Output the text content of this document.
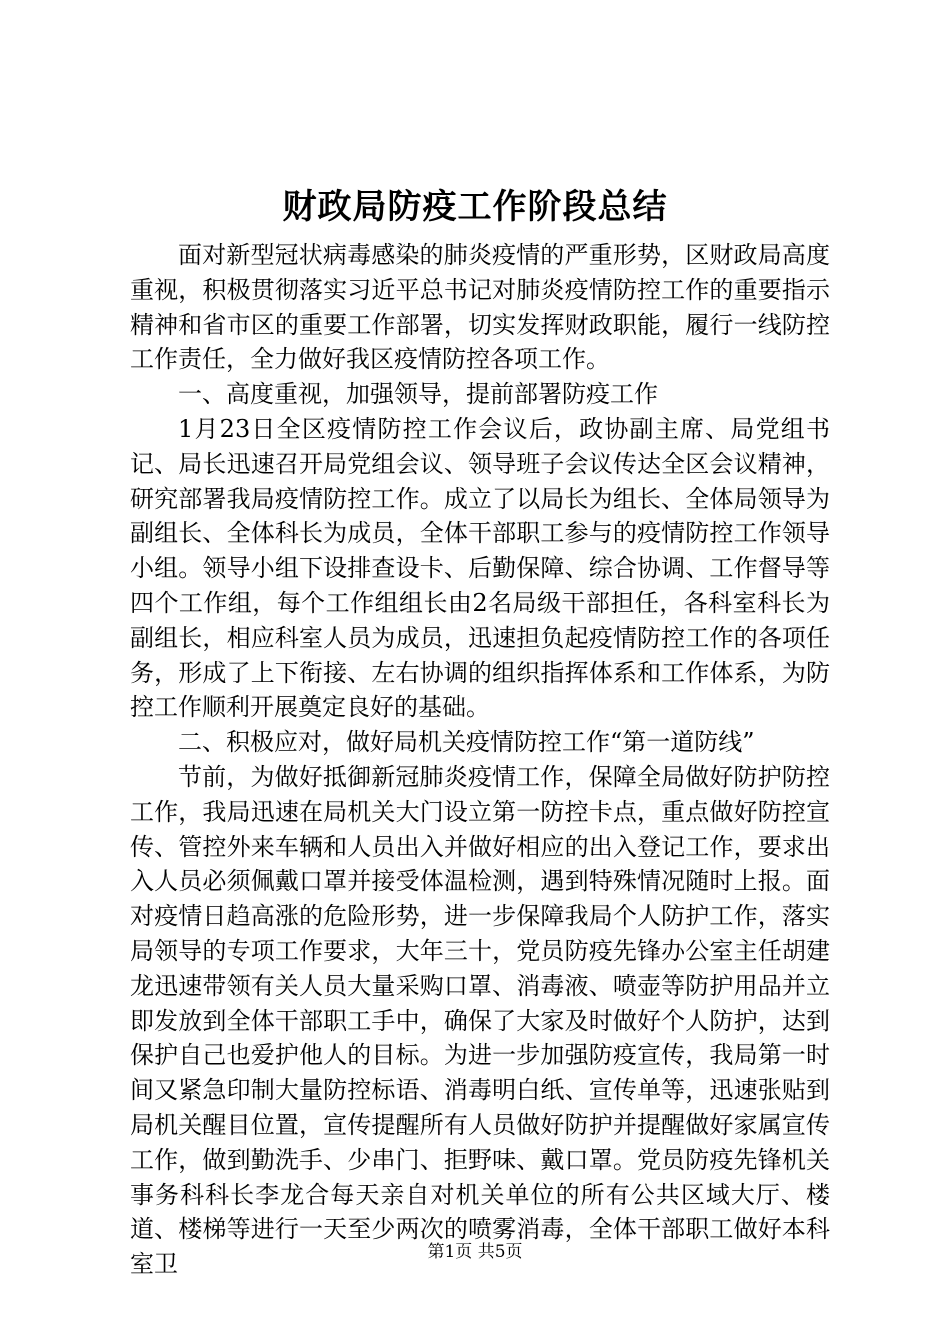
财政局防疫工作阶段总结

面对新型冠状病毒感染的肺炎疫情的严重形势，区财政局高度重视，积极贯彻落实习近平总书记对肺炎疫情防控工作的重要指示精神和省市区的重要工作部署，切实发挥财政职能，履行一线防控工作责任，全力做好我区疫情防控各项工作。

一、高度重视，加强领导，提前部署防疫工作

1月23日全区疫情防控工作会议后，政协副主席、局党组书记、局长迅速召开局党组会议、领导班子会议传达全区会议精神，研究部署我局疫情防控工作。成立了以局长为组长、全体局领导为副组长、全体科长为成员，全体干部职工参与的疫情防控工作领导小组。领导小组下设排查设卡、后勤保障、综合协调、工作督导等四个工作组，每个工作组组长由2名局级干部担任，各科室科长为副组长，相应科室人员为成员，迅速担负起疫情防控工作的各项任务，形成了上下衔接、左右协调的组织指挥体系和工作体系，为防控工作顺利开展奠定良好的基础。

二、积极应对，做好局机关疫情防控工作“第一道防线”

节前，为做好抵御新冠肺炎疫情工作，保障全局做好防护防控工作，我局迅速在局机关大门设立第一防控卡点，重点做好防控宣传、管控外来车辆和人员出入并做好相应的出入登记工作，要求出入人员必须佩戴口罩并接受体温检测，遇到特殊情况随时上报。面对疫情日趋高涨的危险形势，进一步保障我局个人防护工作，落实局领导的专项工作要求，大年三十，党员防疫先锋办公室主任胡建龙迅速带领有关人员大量采购口罩、消毒液、喷壶等防护用品并立即发放到全体干部职工手中，确保了大家及时做好个人防护，达到保护自己也爱护他人的目标。为进一步加强防疫宣传，我局第一时间又紧急印制大量防控标语、消毒明白纸、宣传单等，迅速张贴到局机关醒目位置，宣传提醒所有人员做好防护并提醒做好家属宣传工作，做到勤洗手、少串门、拒野味、戴口罩。党员防疫先锋机关事务科科长李龙合每天亲自对机关单位的所有公共区域大厅、楼道、楼梯等进行一天至少两次的喷雾消毒，全体干部职工做好本科室卫	第1页 共5页
